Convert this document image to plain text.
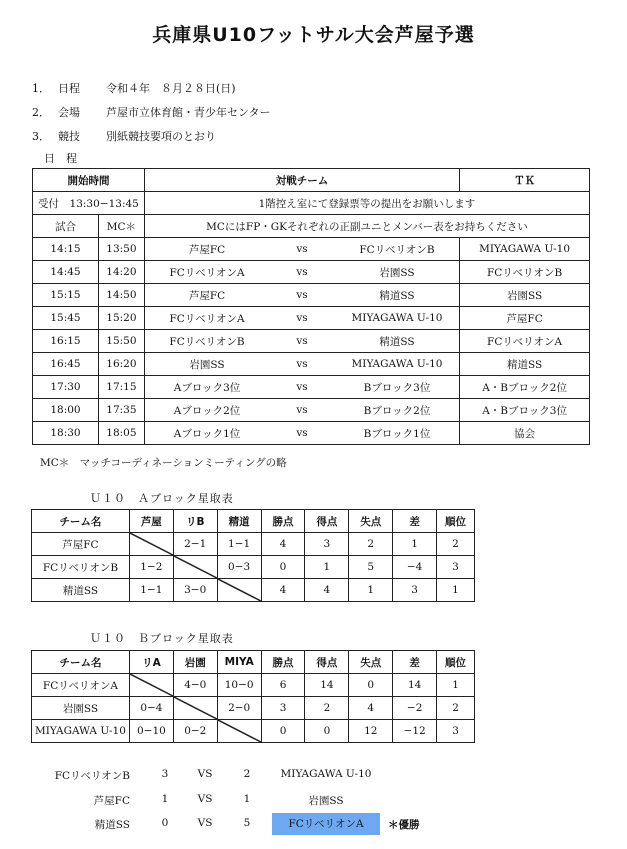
兵庫県U10フットサル大会芦屋予選
1． 日程 令和４年　８月２８日(日)
2． 会場 芦屋市立体育館・青少年センター
3． 競技 別紙競技要項のとおり
日　程
開始時間		対戦チーム			ＴＫ
受付　13:30−13:45		1階控え室にて登録票等の提出をお願いします			
試合	MC＊	MCにはFP・GKそれぞれの正副ユニとメンバー表をお持ちください			
14:15	13:50	芦屋FC	vs	FCリベリオンB	MIYAGAWA U-10
14:45	14:20	FCリベリオンA	vs	岩園SS	FCリベリオンB
15:15	14:50	芦屋FC	vs	精道SS	岩園SS
15:45	15:20	FCリベリオンA	vs	MIYAGAWA U-10	芦屋FC
16:15	15:50	FCリベリオンB	vs	精道SS	FCリベリオンA
16:45	16:20	岩園SS	vs	MIYAGAWA U-10	精道SS
17:30	17:15	Aブロック3位	vs	Bブロック3位	A・Bブロック2位
18:00	17:35	Aブロック2位	vs	Bブロック2位	A・Bブロック3位
18:30	18:05	Aブロック1位	vs	Bブロック1位	協会
MC＊　マッチコーディネーションミーティングの略
Ｕ１０　Ａブロック星取表
チーム名	芦屋	リB	精道	勝点	得点	失点	差	順位
芦屋FC		2−1	1−1	4	3	2	1	2
FCリベリオンB	1−2		0−3	0	1	5	−4	3
精道SS	1−1	3−0		4	4	1	3	1
Ｕ１０　Ｂブロック星取表
チーム名	リA	岩園	MIYA	勝点	得点	失点	差	順位
FCリベリオンA		4−0	10−0	6	14	0	14	1
岩園SS	0−4		2−0	3	2	4	−2	2
MIYAGAWA U-10	0−10	0−2		0	0	12	−12	3
FCリベリオンB	3	VS	2	MIYAGAWA U-10
芦屋FC	1	VS	1	岩園SS
精道SS	0	VS	5	FCリベリオンA	＊優勝
